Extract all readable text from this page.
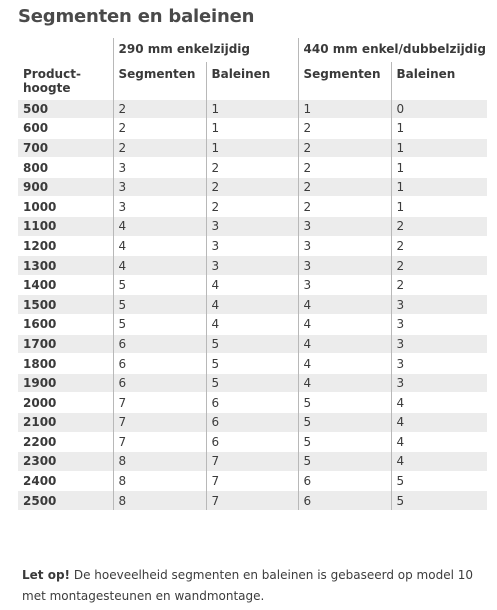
Segmenten en baleinen
	290 mm enkelzijdig		440 mm enkel/dubbelzijdig	
Product-
hoogte	Segmenten	Baleinen	Segmenten	Baleinen
500	2	1	1	0
600	2	1	2	1
700	2	1	2	1
800	3	2	2	1
900	3	2	2	1
1000	3	2	2	1
1100	4	3	3	2
1200	4	3	3	2
1300	4	3	3	2
1400	5	4	3	2
1500	5	4	4	3
1600	5	4	4	3
1700	6	5	4	3
1800	6	5	4	3
1900	6	5	4	3
2000	7	6	5	4
2100	7	6	5	4
2200	7	6	5	4
2300	8	7	5	4
2400	8	7	6	5
2500	8	7	6	5
Let op! De hoeveelheid segmenten en baleinen is gebaseerd op model 10 met montagesteunen en wandmontage.
